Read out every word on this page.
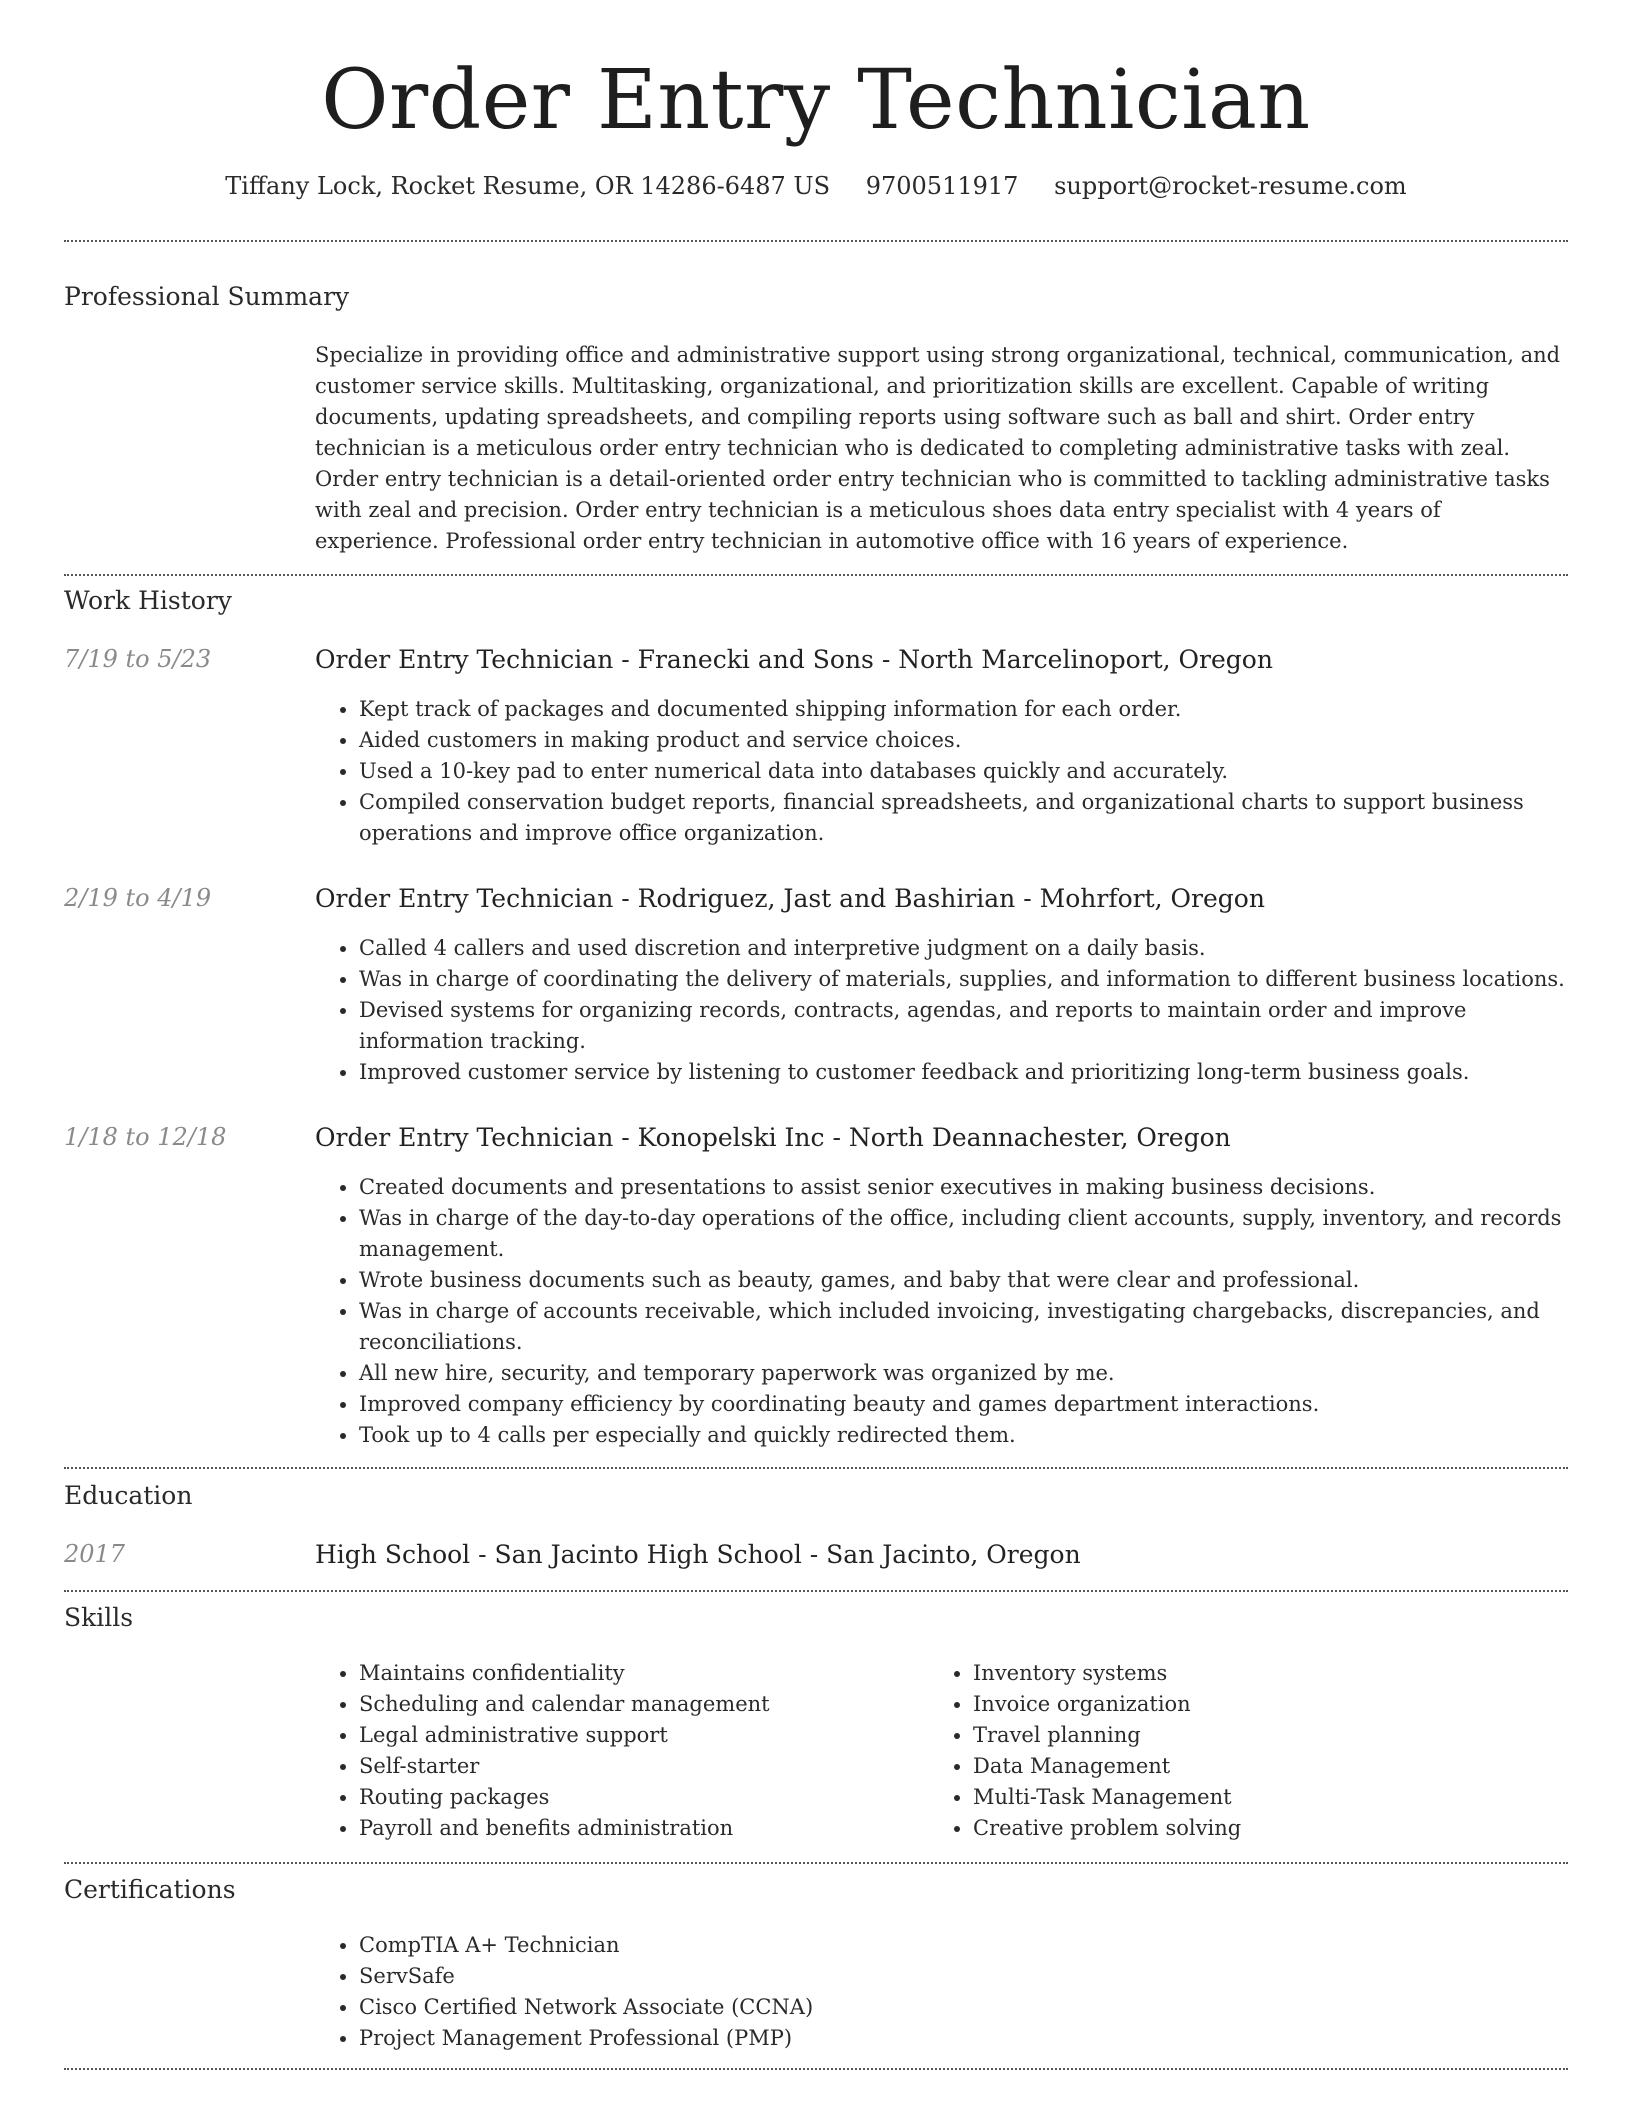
Order Entry Technician
Tiffany Lock, Rocket Resume, OR 14286-6487 US 9700511917 support@rocket-resume.com
Professional Summary
Specialize in providing office and administrative support using strong organizational, technical, communication, and customer service skills. Multitasking, organizational, and prioritization skills are excellent. Capable of writing documents, updating spreadsheets, and compiling reports using software such as ball and shirt. Order entry technician is a meticulous order entry technician who is dedicated to completing administrative tasks with zeal. Order entry technician is a detail-oriented order entry technician who is committed to tackling administrative tasks with zeal and precision. Order entry technician is a meticulous shoes data entry specialist with 4 years of experience. Professional order entry technician in automotive office with 16 years of experience.
Work History
7/19 to 5/23	Order Entry Technician - Franecki and Sons - North Marcelinoport, Oregon
• Kept track of packages and documented shipping information for each order.
• Aided customers in making product and service choices.
• Used a 10-key pad to enter numerical data into databases quickly and accurately.
• Compiled conservation budget reports, financial spreadsheets, and organizational charts to support business operations and improve office organization.
2/19 to 4/19	Order Entry Technician - Rodriguez, Jast and Bashirian - Mohrfort, Oregon
• Called 4 callers and used discretion and interpretive judgment on a daily basis.
• Was in charge of coordinating the delivery of materials, supplies, and information to different business locations.
• Devised systems for organizing records, contracts, agendas, and reports to maintain order and improve information tracking.
• Improved customer service by listening to customer feedback and prioritizing long-term business goals.
1/18 to 12/18	Order Entry Technician - Konopelski Inc - North Deannachester, Oregon
• Created documents and presentations to assist senior executives in making business decisions.
• Was in charge of the day-to-day operations of the office, including client accounts, supply, inventory, and records management.
• Wrote business documents such as beauty, games, and baby that were clear and professional.
• Was in charge of accounts receivable, which included invoicing, investigating chargebacks, discrepancies, and reconciliations.
• All new hire, security, and temporary paperwork was organized by me.
• Improved company efficiency by coordinating beauty and games department interactions.
• Took up to 4 calls per especially and quickly redirected them.
Education
2017	High School - San Jacinto High School - San Jacinto, Oregon
Skills
• Maintains confidentiality
• Scheduling and calendar management
• Legal administrative support
• Self-starter
• Routing packages
• Payroll and benefits administration
• Inventory systems
• Invoice organization
• Travel planning
• Data Management
• Multi-Task Management
• Creative problem solving
Certifications
• CompTIA A+ Technician
• ServSafe
• Cisco Certified Network Associate (CCNA)
• Project Management Professional (PMP)
